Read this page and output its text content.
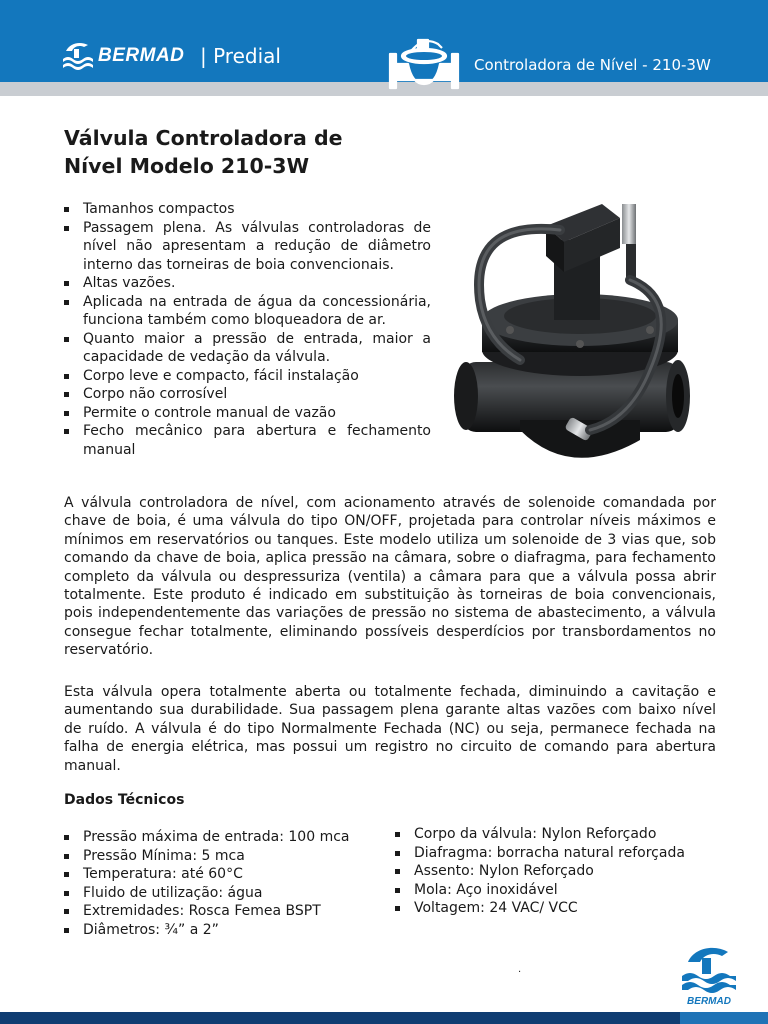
BERMAD | Predial	Controladora de Nível - 210-3W
Válvula Controladora de
Nível Modelo 210-3W
Tamanhos compactos
Passagem plena. As válvulas controladoras de nível não apresentam a redução de diâmetro interno das torneiras de boia convencionais.
Altas vazões.
Aplicada na entrada de água da concessionária, funciona também como bloqueadora de ar.
Quanto maior a pressão de entrada, maior a capacidade de vedação da válvula.
Corpo leve e compacto, fácil instalação
Corpo não corrosível
Permite o controle manual de vazão
Fecho mecânico para abertura e fechamento manual

A válvula controladora de nível, com acionamento através de solenoide comandada por chave de boia, é uma válvula do tipo ON/OFF, projetada para controlar níveis máximos e mínimos em reservatórios ou tanques. Este modelo utiliza um solenoide de 3 vias que, sob comando da chave de boia, aplica pressão na câmara, sobre o diafragma, para fechamento completo da válvula ou despressuriza (ventila) a câmara para que a válvula possa abrir totalmente. Este produto é indicado em substituição às torneiras de boia convencionais, pois independentemente das variações de pressão no sistema de abastecimento, a válvula consegue fechar totalmente, eliminando possíveis desperdícios por transbordamentos no reservatório.

Esta válvula opera totalmente aberta ou totalmente fechada, diminuindo a cavitação e aumentando sua durabilidade. Sua passagem plena garante altas vazões com baixo nível de ruído. A válvula é do tipo Normalmente Fechada (NC) ou seja, permanece fechada na falha de energia elétrica, mas possui um registro no circuito de comando para abertura manual.

Dados Técnicos
Pressão máxima de entrada: 100 mca
Pressão Mínima: 5 mca
Temperatura: até 60°C
Fluido de utilização: água
Extremidades: Rosca Femea BSPT
Diâmetros: ¾” a 2”
Corpo da válvula: Nylon Reforçado
Diafragma: borracha natural reforçada
Assento: Nylon Reforçado
Mola: Aço inoxidável
Voltagem: 24 VAC/ VCC
.
BERMAD
